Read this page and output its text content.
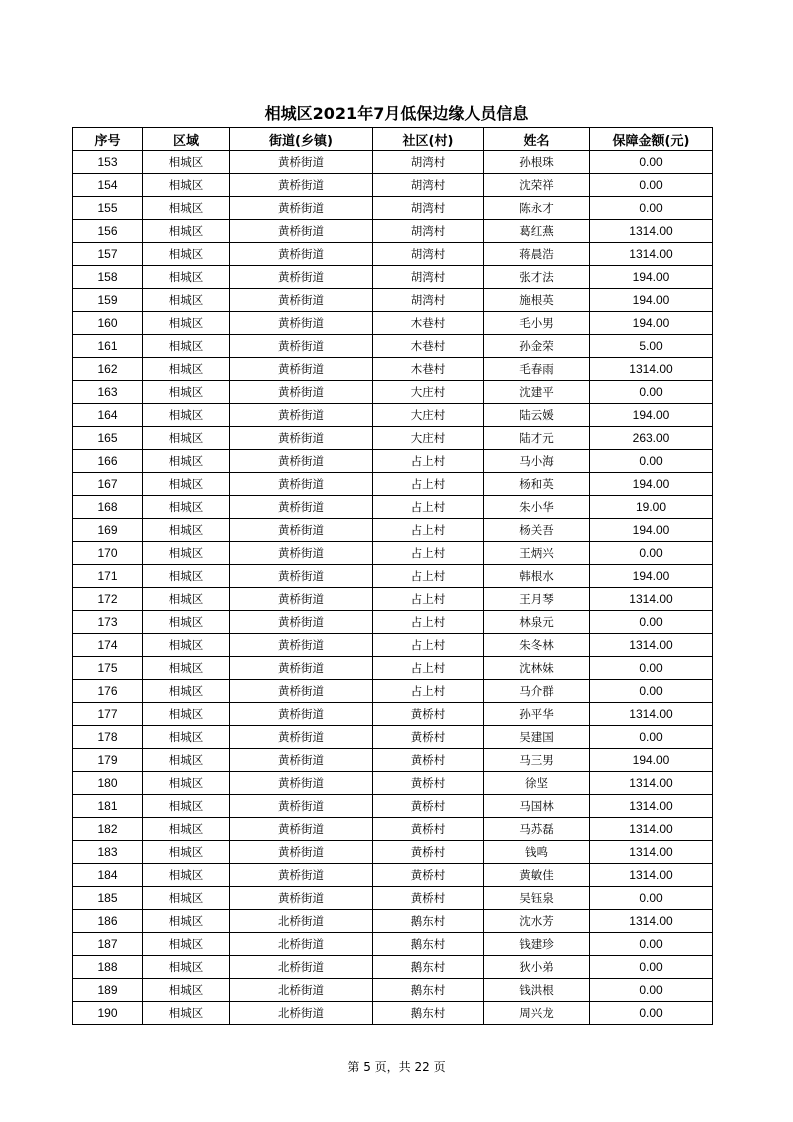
相城区2021年7月低保边缘人员信息
序号	区域	街道(乡镇)	社区(村)	姓名	保障金额(元)
153	相城区	黄桥街道	胡湾村	孙根珠	0.00
154	相城区	黄桥街道	胡湾村	沈荣祥	0.00
155	相城区	黄桥街道	胡湾村	陈永才	0.00
156	相城区	黄桥街道	胡湾村	葛红燕	1314.00
157	相城区	黄桥街道	胡湾村	蒋晨浩	1314.00
158	相城区	黄桥街道	胡湾村	张才法	194.00
159	相城区	黄桥街道	胡湾村	施根英	194.00
160	相城区	黄桥街道	木巷村	毛小男	194.00
161	相城区	黄桥街道	木巷村	孙金荣	5.00
162	相城区	黄桥街道	木巷村	毛春雨	1314.00
163	相城区	黄桥街道	大庄村	沈建平	0.00
164	相城区	黄桥街道	大庄村	陆云媛	194.00
165	相城区	黄桥街道	大庄村	陆才元	263.00
166	相城区	黄桥街道	占上村	马小海	0.00
167	相城区	黄桥街道	占上村	杨和英	194.00
168	相城区	黄桥街道	占上村	朱小华	19.00
169	相城区	黄桥街道	占上村	杨关吾	194.00
170	相城区	黄桥街道	占上村	王炳兴	0.00
171	相城区	黄桥街道	占上村	韩根水	194.00
172	相城区	黄桥街道	占上村	王月琴	1314.00
173	相城区	黄桥街道	占上村	林泉元	0.00
174	相城区	黄桥街道	占上村	朱冬林	1314.00
175	相城区	黄桥街道	占上村	沈林妹	0.00
176	相城区	黄桥街道	占上村	马介群	0.00
177	相城区	黄桥街道	黄桥村	孙平华	1314.00
178	相城区	黄桥街道	黄桥村	吴建国	0.00
179	相城区	黄桥街道	黄桥村	马三男	194.00
180	相城区	黄桥街道	黄桥村	徐坚	1314.00
181	相城区	黄桥街道	黄桥村	马国林	1314.00
182	相城区	黄桥街道	黄桥村	马苏磊	1314.00
183	相城区	黄桥街道	黄桥村	钱鸣	1314.00
184	相城区	黄桥街道	黄桥村	黄敏佳	1314.00
185	相城区	黄桥街道	黄桥村	吴钰泉	0.00
186	相城区	北桥街道	鹅东村	沈水芳	1314.00
187	相城区	北桥街道	鹅东村	钱建珍	0.00
188	相城区	北桥街道	鹅东村	狄小弟	0.00
189	相城区	北桥街道	鹅东村	钱洪根	0.00
190	相城区	北桥街道	鹅东村	周兴龙	0.00
第 5 页，共 22 页
